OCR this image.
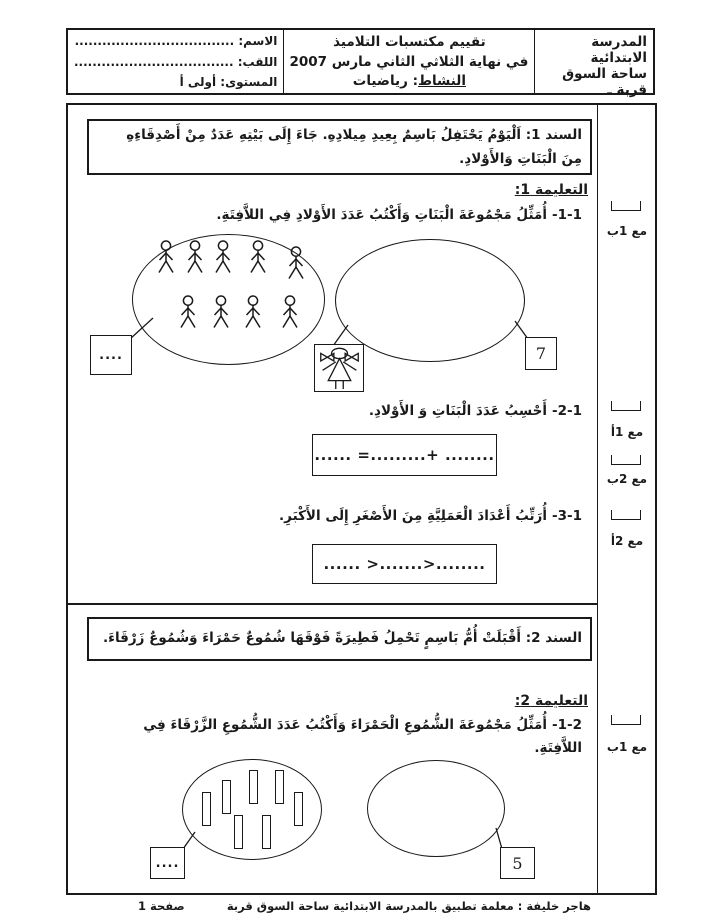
المدرسة الابتدائية
ساحة السوق قربة ـ
تقييم مكتسبات التلاميذ
في نهاية الثلاثي الثاني مارس 2007
النشاط: رياضيات
الاسم: ...................................
اللقب: ...................................
المستوى: أولى أ
السند 1: اَلْيَوْمُ يَحْتَفِلُ بَاسِمٌ بِعِيدِ مِيلادِهِ. جَاءَ إِلَى بَيْتِهِ عَدَدٌ مِنْ أَصْدِقَاءِهِ
مِنَ الْبَنَاتِ وَالأَوْلادِ.
التعليمة 1:
1‏-‏1‏-أُمَثِّلُ مَجْمُوعَةَ الْبَنَاتِ وَأَكْتُبُ عَدَدَ الأَوْلادِ فِي اللاَّفِتَةِ.
....	7
1‏-‏2‏-أَحْسِبُ عَدَدَ الْبَنَاتِ وَ الأَوْلادِ.
...... =.........+ ........
1‏-‏3‏-أُرَتِّبُ أَعْدَادَ الْعَمَلِيَّةِ مِنَ الأَصْغَرِ إِلَى الأَكْبَرِ.
...... >.......>........
السند 2: أَقْبَلَتْ أُمُّ بَاسِمٍ تَحْمِلُ فَطِيرَةً فَوْقَهَا شُمُوعٌ حَمْرَاءَ وَشُمُوعٌ زَرْقَاءَ.
التعليمة 2:
2‏-‏1‏-أُمَثِّلُ مَجْمُوعَةَ الشُّمُوعِ الْحَمْرَاءَ وَأَكْتُبُ عَدَدَ الشُّمُوعِ الزَّرْقَاءَ فِي
اللاَّفِتَةِ.
....	5
مع 1ب
مع 1أ
مع 2ب
مع 2أ
مع 1ب
هاجر خليفة : معلمة تطبيق بالمدرسة الابتدائية ساحة السوق قربة
صفحة 1
